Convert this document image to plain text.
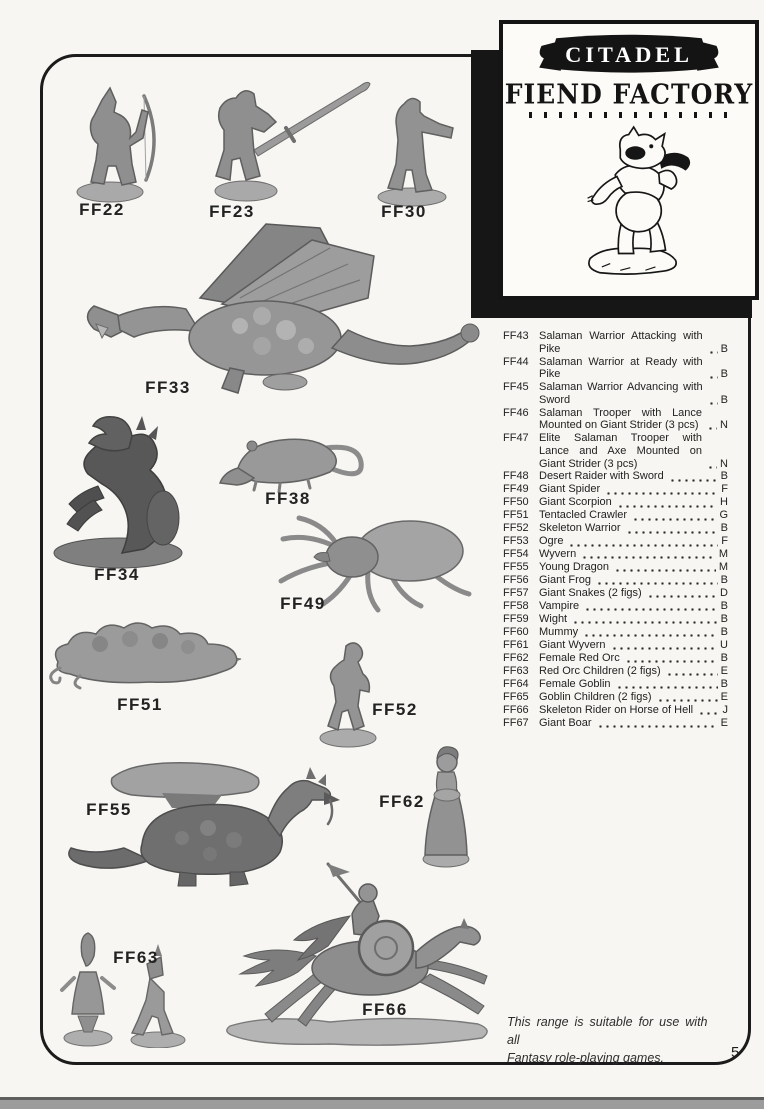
CITADEL
FIEND FACTORY
FF43 Salaman Warrior Attacking with Pike	B
FF44 Salaman Warrior at Ready with Pike	B
FF45 Salaman Warrior Advancing with Sword	B
FF46 Salaman Trooper with Lance Mounted on Giant Strider (3 pcs)	N
FF47 Elite Salaman Trooper with Lance and Axe Mounted on Giant Strider (3 pcs)	N
FF48 Desert Raider with Sword	B
FF49 Giant Spider	F
FF50 Giant Scorpion	H
FF51 Tentacled Crawler	G
FF52 Skeleton Warrior	B
FF53 Ogre	F
FF54 Wyvern	M
FF55 Young Dragon	M
FF56 Giant Frog	B
FF57 Giant Snakes (2 figs)	D
FF58 Vampire	B
FF59 Wight	B
FF60 Mummy	B
FF61 Giant Wyvern	U
FF62 Female Red Orc	B
FF63 Red Orc Children (2 figs)	E
FF64 Female Goblin	B
FF65 Goblin Children (2 figs)	E
FF66 Skeleton Rider on Horse of Hell	J
FF67 Giant Boar	E
FF22	FF23	FF30
FF33
FF34
FF38
FF49
FF51	FF52
FF55	FF62
FF63
FF66
This range is suitable for use with all
Fantasy role-playing games.	5
